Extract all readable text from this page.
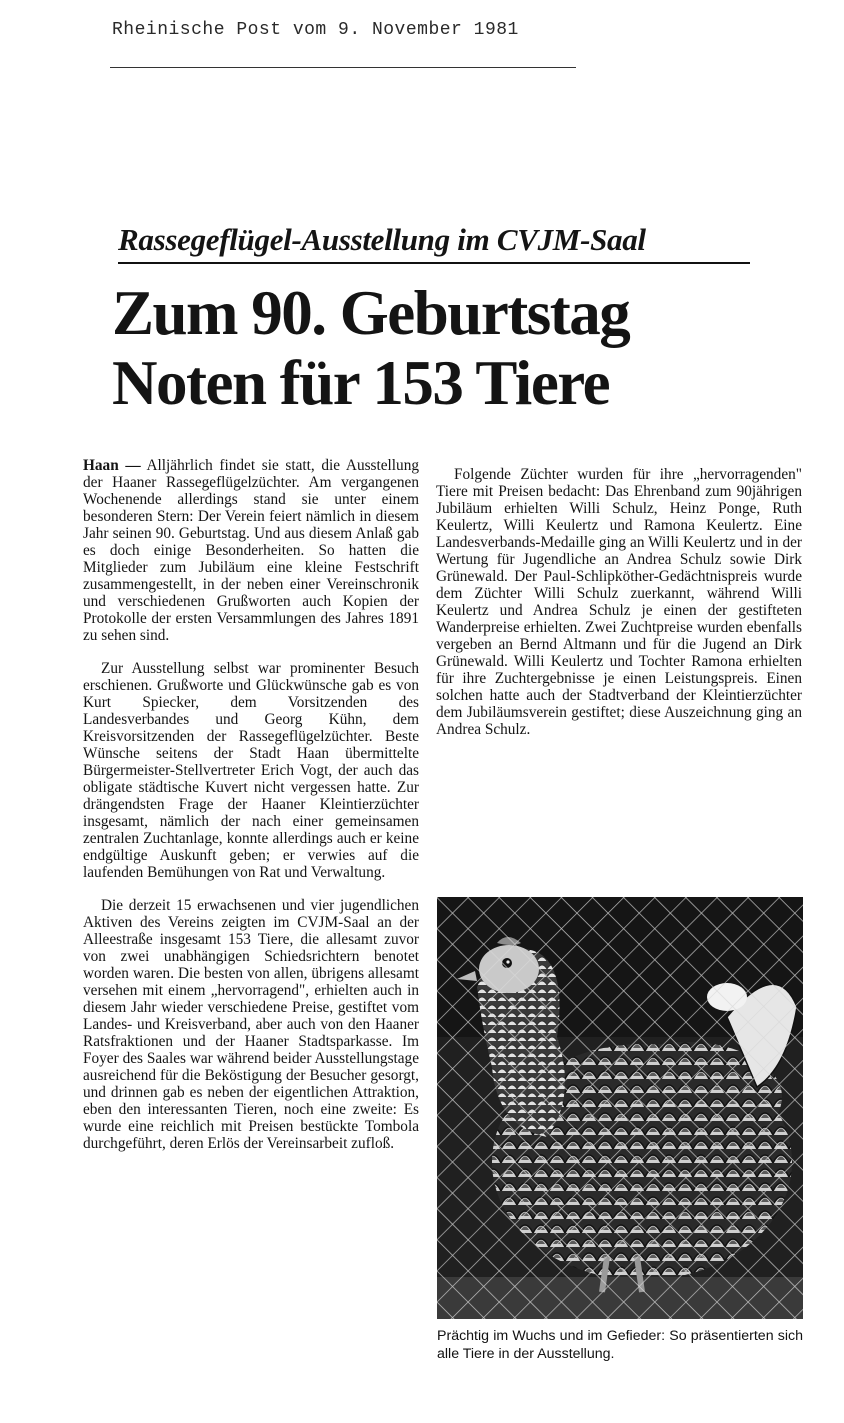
Rheinische Post vom 9. November 1981
Rassegeflügel-Ausstellung im CVJM-Saal
Zum 90. Geburtstag
Noten für 153 Tiere

Haan — Alljährlich findet sie statt, die Ausstellung der Haaner Rassegeflügelzüchter. Am vergangenen Wochenende allerdings stand sie unter einem besonderen Stern: Der Verein feiert nämlich in diesem Jahr seinen 90. Geburtstag. Und aus diesem Anlaß gab es doch einige Besonderheiten. So hatten die Mitglieder zum Jubiläum eine kleine Festschrift zusammengestellt, in der neben einer Vereinschronik und verschiedenen Grußworten auch Kopien der Protokolle der ersten Versammlungen des Jahres 1891 zu sehen sind.

Zur Ausstellung selbst war prominenter Besuch erschienen. Grußworte und Glückwünsche gab es von Kurt Spiecker, dem Vorsitzenden des Landesverbandes und Georg Kühn, dem Kreisvorsitzenden der Rassegeflügelzüchter. Beste Wünsche seitens der Stadt Haan übermittelte Bürgermeister-Stellvertreter Erich Vogt, der auch das obligate städtische Kuvert nicht vergessen hatte. Zur drängendsten Frage der Haaner Kleintierzüchter insgesamt, nämlich der nach einer gemeinsamen zentralen Zuchtanlage, konnte allerdings auch er keine endgültige Auskunft geben; er verwies auf die laufenden Bemühungen von Rat und Verwaltung.

Die derzeit 15 erwachsenen und vier jugendlichen Aktiven des Vereins zeigten im CVJM-Saal an der Alleestraße insgesamt 153 Tiere, die allesamt zuvor von zwei unabhängigen Schiedsrichtern benotet worden waren. Die besten von allen, übrigens allesamt versehen mit einem „hervorragend", erhielten auch in diesem Jahr wieder verschiedene Preise, gestiftet vom Landes- und Kreisverband, aber auch von den Haaner Ratsfraktionen und der Haaner Stadtsparkasse. Im Foyer des Saales war während beider Ausstellungstage ausreichend für die Beköstigung der Besucher gesorgt, und drinnen gab es neben der eigentlichen Attraktion, eben den interessanten Tieren, noch eine zweite: Es wurde eine reichlich mit Preisen bestückte Tombola durchgeführt, deren Erlös der Vereinsarbeit zufloß.

Folgende Züchter wurden für ihre „hervorragenden" Tiere mit Preisen bedacht: Das Ehrenband zum 90jährigen Jubiläum erhielten Willi Schulz, Heinz Ponge, Ruth Keulertz, Willi Keulertz und Ramona Keulertz. Eine Landesverbands-Medaille ging an Willi Keulertz und in der Wertung für Jugendliche an Andrea Schulz sowie Dirk Grünewald. Der Paul-Schlipköther-Gedächtnispreis wurde dem Züchter Willi Schulz zuerkannt, während Willi Keulertz und Andrea Schulz je einen der gestifteten Wanderpreise erhielten. Zwei Zuchtpreise wurden ebenfalls vergeben an Bernd Altmann und für die Jugend an Dirk Grünewald. Willi Keulertz und Tochter Ramona erhielten für ihre Zuchtergebnisse je einen Leistungspreis. Einen solchen hatte auch der Stadtverband der Kleintierzüchter dem Jubiläumsverein gestiftet; diese Auszeichnung ging an Andrea Schulz.

Prächtig im Wuchs und im Gefieder: So präsentierten sich alle Tiere in der Ausstellung.
